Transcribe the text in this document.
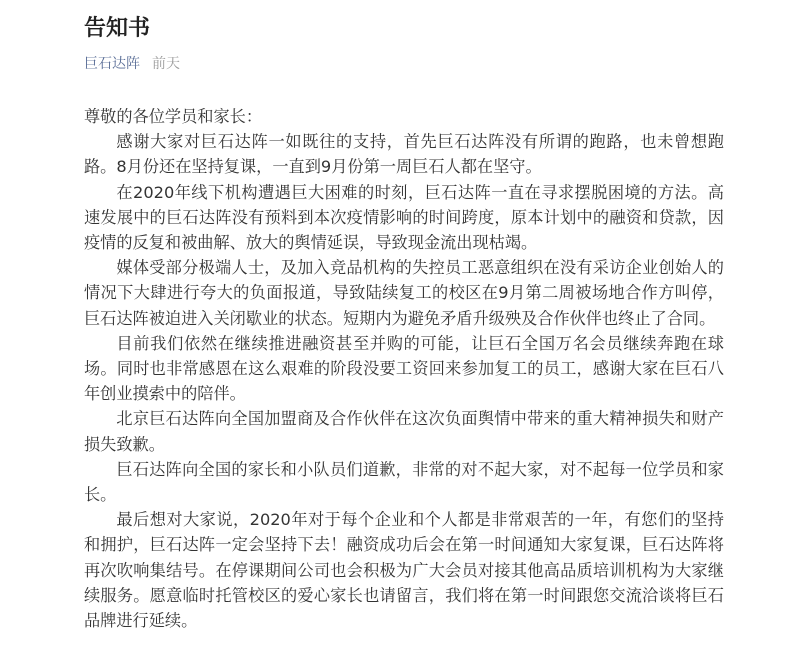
告知书
巨石达阵 前天

尊敬的各位学员和家长：

感谢大家对巨石达阵一如既往的支持，首先巨石达阵没有所谓的跑路，也未曾想跑路。8月份还在坚持复课，一直到9月份第一周巨石人都在坚守。

在2020年线下机构遭遇巨大困难的时刻，巨石达阵一直在寻求摆脱困境的方法。高速发展中的巨石达阵没有预料到本次疫情影响的时间跨度，原本计划中的融资和贷款，因疫情的反复和被曲解、放大的舆情延误，导致现金流出现枯竭。

媒体受部分极端人士，及加入竞品机构的失控员工恶意组织在没有采访企业创始人的情况下大肆进行夸大的负面报道，导致陆续复工的校区在9月第二周被场地合作方叫停，巨石达阵被迫进入关闭歇业的状态。短期内为避免矛盾升级殃及合作伙伴也终止了合同。

目前我们依然在继续推进融资甚至并购的可能，让巨石全国万名会员继续奔跑在球场。同时也非常感恩在这么艰难的阶段没要工资回来参加复工的员工，感谢大家在巨石八年创业摸索中的陪伴。

北京巨石达阵向全国加盟商及合作伙伴在这次负面舆情中带来的重大精神损失和财产损失致歉。

巨石达阵向全国的家长和小队员们道歉，非常的对不起大家，对不起每一位学员和家长。

最后想对大家说，2020年对于每个企业和个人都是非常艰苦的一年，有您们的坚持和拥护，巨石达阵一定会坚持下去！融资成功后会在第一时间通知大家复课，巨石达阵将再次吹响集结号。在停课期间公司也会积极为广大会员对接其他高品质培训机构为大家继续服务。愿意临时托管校区的爱心家长也请留言，我们将在第一时间跟您交流洽谈将巨石品牌进行延续。
